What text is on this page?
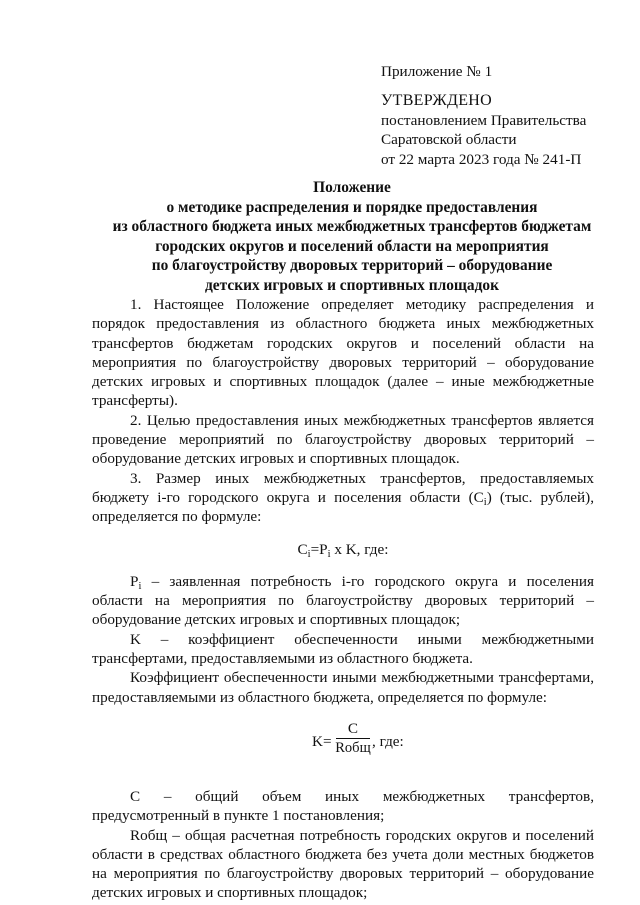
Приложение № 1
УТВЕРЖДЕНО
постановлением Правительства
Саратовской области
от 22 марта 2023 года № 241-П
Положение
о методике распределения и порядке предоставления
из областного бюджета иных межбюджетных трансфертов бюджетам
городских округов и поселений области на мероприятия
по благоустройству дворовых территорий – оборудование
детских игровых и спортивных площадок

1. Настоящее Положение определяет методику распределения и порядок предоставления из областного бюджета иных межбюджетных трансфертов бюджетам городских округов и поселений области на мероприятия по благоустройству дворовых территорий – оборудование детских игровых и спортивных площадок (далее – иные межбюджетные трансферты).

2. Целью предоставления иных межбюджетных трансфертов является проведение мероприятий по благоустройству дворовых территорий – оборудование детских игровых и спортивных площадок.

3. Размер иных межбюджетных трансфертов, предоставляемых бюджету i-го городского округа и поселения области $(C_i)$ (тыс. рублей), определяется по формуле:

$C_i=P_i$ x K, где:

$P_i$ – заявленная потребность i-го городского округа и поселения области на мероприятия по благоустройству дворовых территорий – оборудование детских игровых и спортивных площадок;

K – коэффициент обеспеченности иными межбюджетными трансфертами, предоставляемыми из областного бюджета.

Коэффициент обеспеченности иными межбюджетными трансфертами, предоставляемыми из областного бюджета, определяется по формуле:

K=
C
Rобщ , где:

C – общий объем иных межбюджетных трансфертов, предусмотренный в пункте 1 постановления;

Rобщ – общая расчетная потребность городских округов и поселений области в средствах областного бюджета без учета доли местных бюджетов на мероприятия по благоустройству дворовых территорий – оборудование детских игровых и спортивных площадок;
